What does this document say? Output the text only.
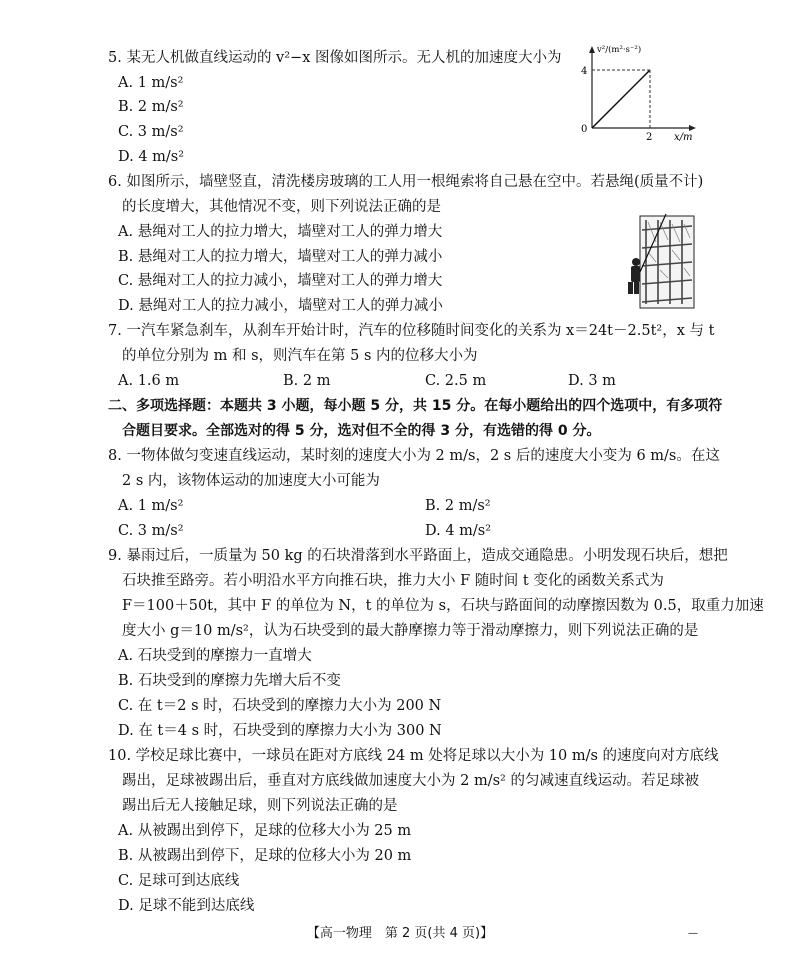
5. 某无人机做直线运动的 v²−x 图像如图所示。无人机的加速度大小为
A. 1 m/s²
B. 2 m/s²
C. 3 m/s²
D. 4 m/s²
v²/(m²·s⁻²)
x/m
0
4
2
6. 如图所示，墙壁竖直，清洗楼房玻璃的工人用一根绳索将自己悬在空中。若悬绳(质量不计)
的长度增大，其他情况不变，则下列说法正确的是
A. 悬绳对工人的拉力增大，墙壁对工人的弹力增大
B. 悬绳对工人的拉力增大，墙壁对工人的弹力减小
C. 悬绳对工人的拉力减小，墙壁对工人的弹力增大
D. 悬绳对工人的拉力减小，墙壁对工人的弹力减小
7. 一汽车紧急刹车，从刹车开始计时，汽车的位移随时间变化的关系为 x＝24t－2.5t²，x 与 t
的单位分别为 m 和 s，则汽车在第 5 s 内的位移大小为
A. 1.6 m	B. 2 m	C. 2.5 m	D. 3 m
二、多项选择题：本题共 3 小题，每小题 5 分，共 15 分。在每小题给出的四个选项中，有多项符
合题目要求。全部选对的得 5 分，选对但不全的得 3 分，有选错的得 0 分。
8. 一物体做匀变速直线运动，某时刻的速度大小为 2 m/s，2 s 后的速度大小变为 6 m/s。在这
2 s 内，该物体运动的加速度大小可能为
A. 1 m/s²	B. 2 m/s²
C. 3 m/s²	D. 4 m/s²
9. 暴雨过后，一质量为 50 kg 的石块滑落到水平路面上，造成交通隐患。小明发现石块后，想把
石块推至路旁。若小明沿水平方向推石块，推力大小 F 随时间 t 变化的函数关系式为
F＝100＋50t，其中 F 的单位为 N，t 的单位为 s，石块与路面间的动摩擦因数为 0.5，取重力加速
度大小 g＝10 m/s²，认为石块受到的最大静摩擦力等于滑动摩擦力，则下列说法正确的是
A. 石块受到的摩擦力一直增大
B. 石块受到的摩擦力先增大后不变
C. 在 t＝2 s 时，石块受到的摩擦力大小为 200 N
D. 在 t＝4 s 时，石块受到的摩擦力大小为 300 N
10. 学校足球比赛中，一球员在距对方底线 24 m 处将足球以大小为 10 m/s 的速度向对方底线
踢出，足球被踢出后，垂直对方底线做加速度大小为 2 m/s² 的匀减速直线运动。若足球被
踢出后无人接触足球，则下列说法正确的是
A. 从被踢出到停下，足球的位移大小为 25 m
B. 从被踢出到停下，足球的位移大小为 20 m
C. 足球可到达底线
D. 足球不能到达底线
【高一物理　第 2 页(共 4 页)】	—
